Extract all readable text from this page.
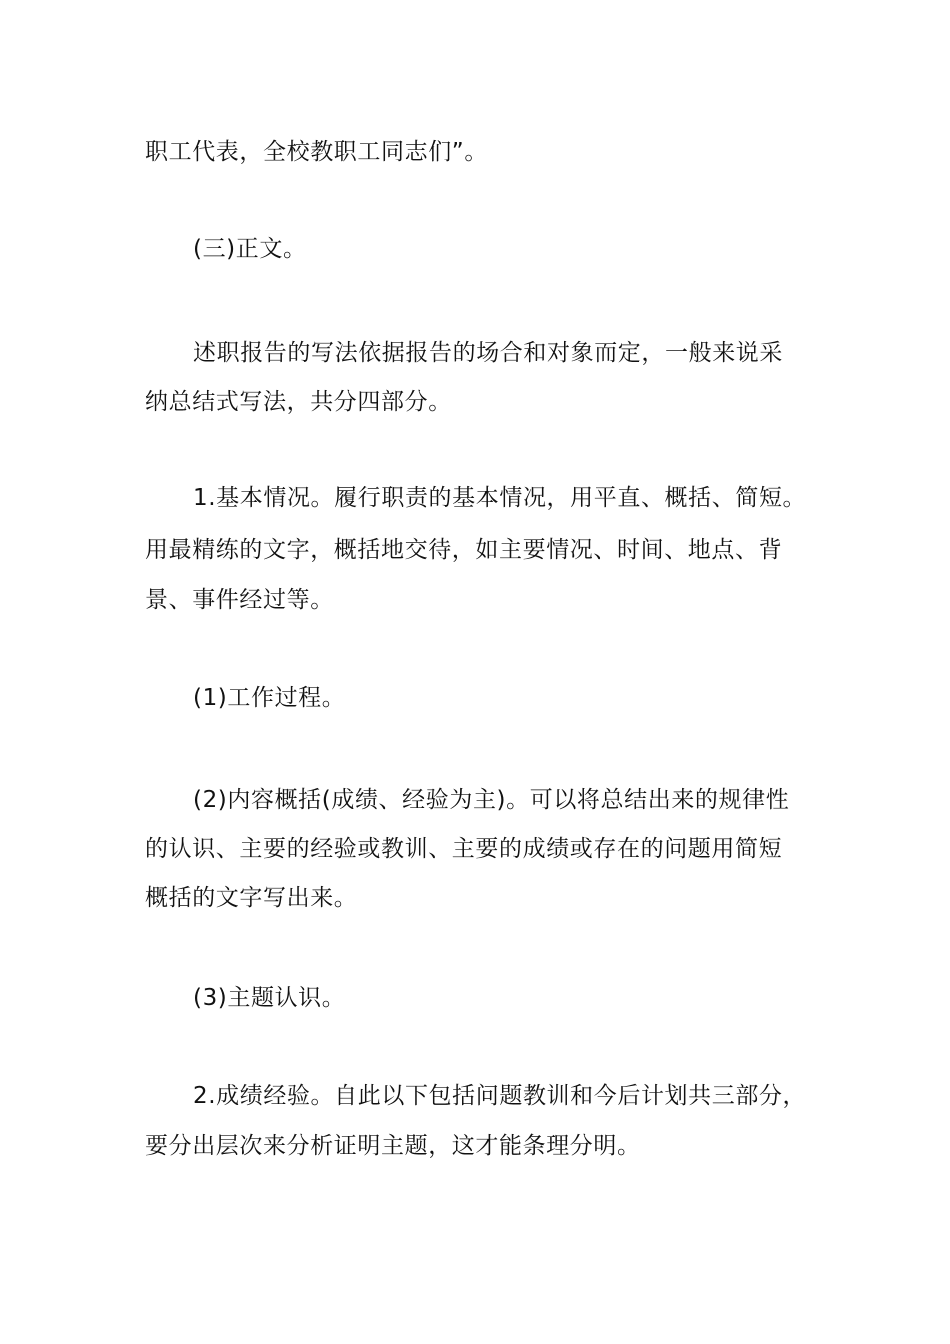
职工代表，全校教职工同志们”。
(三)正文。
述职报告的写法依据报告的场合和对象而定，一般来说采
纳总结式写法，共分四部分。
1.基本情况。履行职责的基本情况，用平直、概括、简短。
用最精练的文字，概括地交待，如主要情况、时间、地点、背
景、事件经过等。
(1)工作过程。
(2)内容概括(成绩、经验为主)。可以将总结出来的规律性
的认识、主要的经验或教训、主要的成绩或存在的问题用简短
概括的文字写出来。
(3)主题认识。
2.成绩经验。自此以下包括问题教训和今后计划共三部分，
要分出层次来分析证明主题，这才能条理分明。
